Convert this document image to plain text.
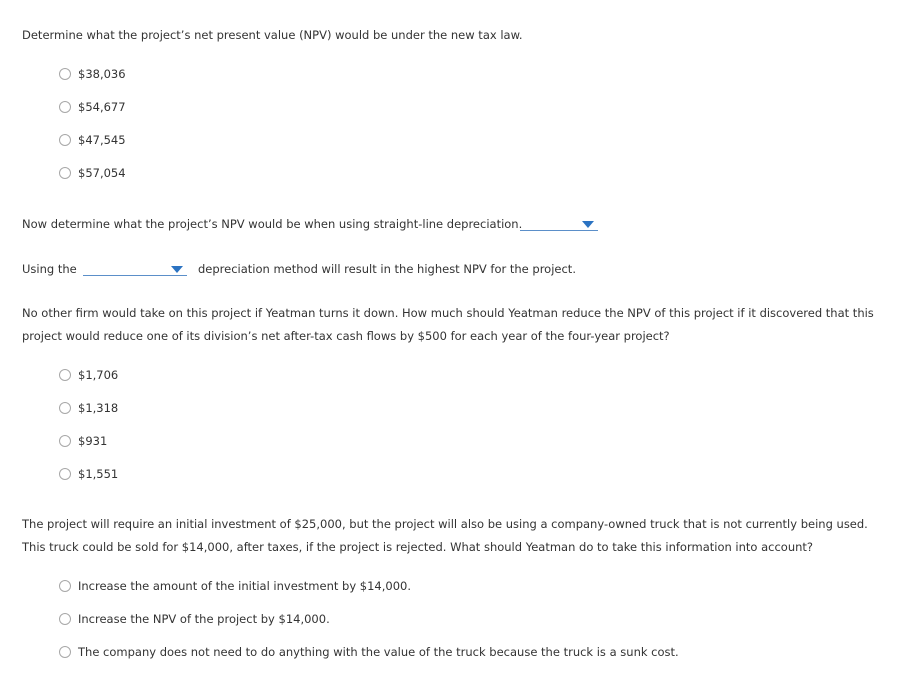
Determine what the project’s net present value (NPV) would be under the new tax law.
$38,036
$54,677
$47,545
$57,054
Now determine what the project’s NPV would be when using straight-line depreciation.
Using the	depreciation method will result in the highest NPV for the project.
No other firm would take on this project if Yeatman turns it down. How much should Yeatman reduce the NPV of this project if it discovered that this
project would reduce one of its division’s net after-tax cash flows by $500 for each year of the four-year project?
$1,706
$1,318
$931
$1,551
The project will require an initial investment of $25,000, but the project will also be using a company-owned truck that is not currently being used.
This truck could be sold for $14,000, after taxes, if the project is rejected. What should Yeatman do to take this information into account?
Increase the amount of the initial investment by $14,000.
Increase the NPV of the project by $14,000.
The company does not need to do anything with the value of the truck because the truck is a sunk cost.
